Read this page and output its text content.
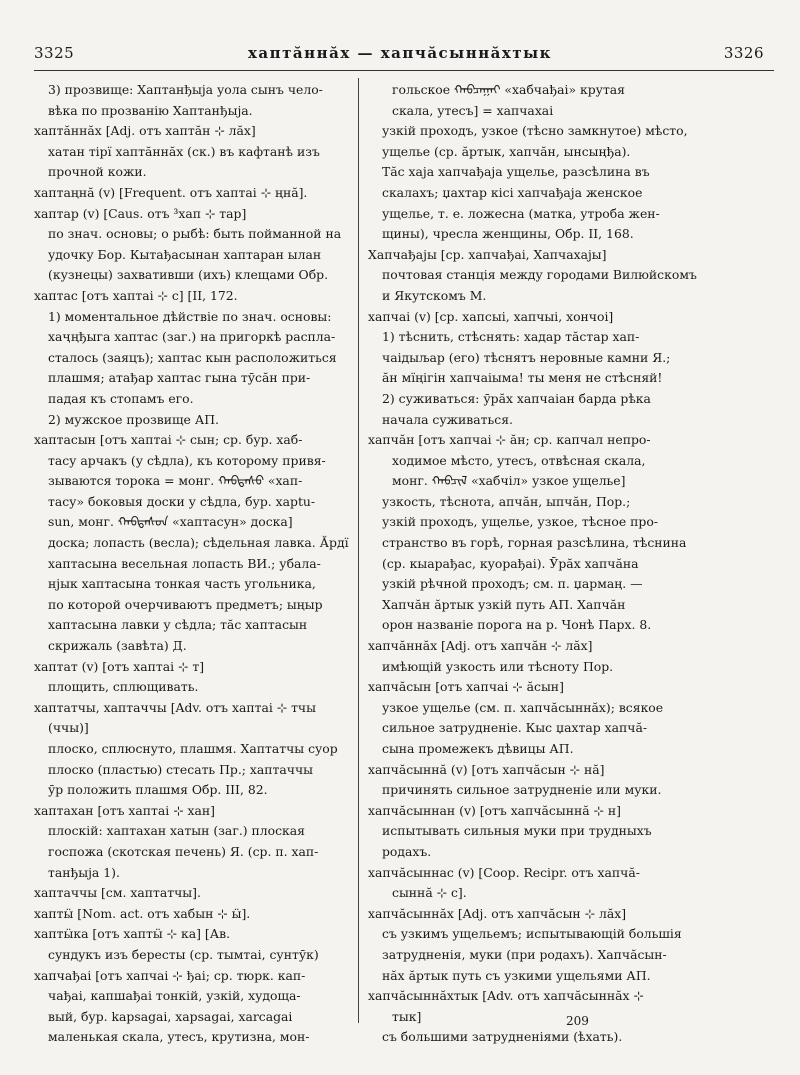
3325	хаптӑннӑх — хапчӑсыннӑхтык	3326
3) прозвище: Хаптанђыја уола сынъ чело-
вѣка по прозванію Хаптанђыја.
хаптӑннӑх [Adj. отъ хаптӑн ⊹ лӑх]
хатан тірї хаптӑннӑх (ск.) въ кафтанѣ изъ
прочной кожи.
хаптаңнӑ (v) [Frequent. отъ хаптаі ⊹ ңнӑ].
хаптар (v) [Caus. отъ ³хап ⊹ тар]
по знач. основы; о рыбѣ: быть пойманной на
удочку Бор. Кытађасынан хаптаран ылан
(кузнецы) захвативши (ихъ) клещами Обр.
хаптас [отъ хаптаі ⊹ с] [II, 172.
1) моментальное дѣйствіе по знач. основы:
хаҷңђыга хаптас (заг.) на пригоркѣ распла-
сталось (заяцъ); хаптас кын расположиться
плашмя; атађар хаптас гына тӯсӑн при-
падая къ стопамъ его.
2) мужское прозвище АП.
хаптасын [отъ хаптаі ⊹ сын; ср. бур. хаб-
тасу арчакъ (у сѣдла), къ которому привя-
зываются торока = монг. ᠬᠠᠪᠲᠠᠰᠤ «хап-
тасу» боковыя доски у сѣдла, бур. xaptu-
sun, монг. ᠬᠠᠪᠲᠠᠰᠤᠨ «хаптасун» доска]
доска; лопасть (весла); сѣдельная лавка. Ӑрдї
хаптасына весельная лопасть ВИ.; убала-
нјык хаптасына тонкая часть угольника,
по которой очерчиваютъ предметъ; ыңыр
хаптасына лавки у сѣдла; тӑс хаптасын
скрижаль (завѣта) Д.
хаптат (v) [отъ хаптаі ⊹ т]
площить, сплющивать.
хаптатчы, хаптаччы [Adv. отъ хаптаі ⊹ тчы
(ччы)]
плоско, сплюснуто, плашмя. Хаптатчы суор
плоско (пластью) стесать Пр.; хаптаччы
ӯр положить плашмя Обр. III, 82.
хаптахан [отъ хаптаі ⊹ хан]
плоскій: хаптахан хатын (заг.) плоская
госпожа (скотская печень) Я. (ср. п. хап-
танђыја 1).
хаптаччы [см. хаптатчы].
хаптӹ [Nom. act. отъ хабын ⊹ ӹ].
хаптӹка [отъ хаптӹ ⊹ ка] [Ав.
сундукъ изъ бересты (ср. тымтаі, сунтӯк)
хапчађаі [отъ хапчаі ⊹ ђаі; ср. тюрк. кап-
чађаі, капшађаі тонкій, узкій, худоща-
вый, бур. kapsagai, xapsagai, xarcagai
маленькая скала, утесъ, крутизна, мон-
гольское ᠬᠠᠪᠴᠠᠭᠠᠢ «хабчађаі» крутая
скала, утесъ] = хапчахаі
узкій проходъ, узкое (тѣсно замкнутое) мѣсто,
ущелье (ср. ӑртык, хапчӑн, ынсыңђа).
Тӑс хаја хапчађаја ущелье, разсѣлина въ
скалахъ; џахтар кісі хапчађаја женское
ущелье, т. е. ложесна (матка, утроба жен-
щины), чресла женщины, Обр. II, 168.
Хапчађајы [ср. хапчађаі, Хапчахајы]
почтовая станція между городами Вилюйскомъ
и Якутскомъ М.
хапчаі (v) [ср. хапсыі, хапчыі, хончоі]
1) тѣснить, стѣснять: хадар тӑстар хап-
чаідыљар (его) тѣснятъ неровные камни Я.;
ӑн мїңігін хапчаіыма! ты меня не стѣсняй!
2) суживаться: ӯрӑх хапчаіан барда рѣка
начала суживаться.
хапчӑн [отъ хапчаі ⊹ ӑн; ср. капчал непро-
ходимое мѣсто, утесъ, отвѣсная скала,
монг. ᠬᠠᠪᠴᠢᠯ «хабчіл» узкое ущелье]
узкость, тѣснота, апчӑн, ыпчӑн, Пор.;
узкій проходъ, ущелье, узкое, тѣсное про-
странство въ горѣ, горная разсѣлина, тѣснина
(ср. кыарађас, куорађаі). Ӯрӑх хапчӑна
узкій рѣчной проходъ; см. п. џармаң. —
Хапчӑн ӑртык узкій путь АП. Хапчӑн
орон названіе порога на р. Чонѣ Парх. 8.
хапчӑннӑх [Adj. отъ хапчӑн ⊹ лӑх]
имѣющій узкость или тѣсноту Пор.
хапчӑсын [отъ хапчаі ⊹ ӑсын]
узкое ущелье (см. п. хапчӑсыннӑх); всякое
сильное затрудненіе. Кыс џахтар хапчӑ-
сына промежекъ дѣвицы АП.
хапчӑсыннӑ (v) [отъ хапчӑсын ⊹ нӑ]
причинять сильное затрудненіе или муки.
хапчӑсыннан (v) [отъ хапчӑсыннӑ ⊹ н]
испытывать сильныя муки при трудныхъ
родахъ.
хапчӑсыннас (v) [Coop. Recipr. отъ хапчӑ-
сыннӑ ⊹ с].
хапчӑсыннӑх [Adj. отъ хапчӑсын ⊹ лӑх]
съ узкимъ ущельемъ; испытывающій большія
затрудненія, муки (при родахъ). Хапчӑсын-
нӑх ӑртык путь съ узкими ущельями АП.
хапчӑсыннӑхтык [Adv. отъ хапчӑсыннӑх ⊹
тык]
съ большими затрудненіями (ѣхать).
209
